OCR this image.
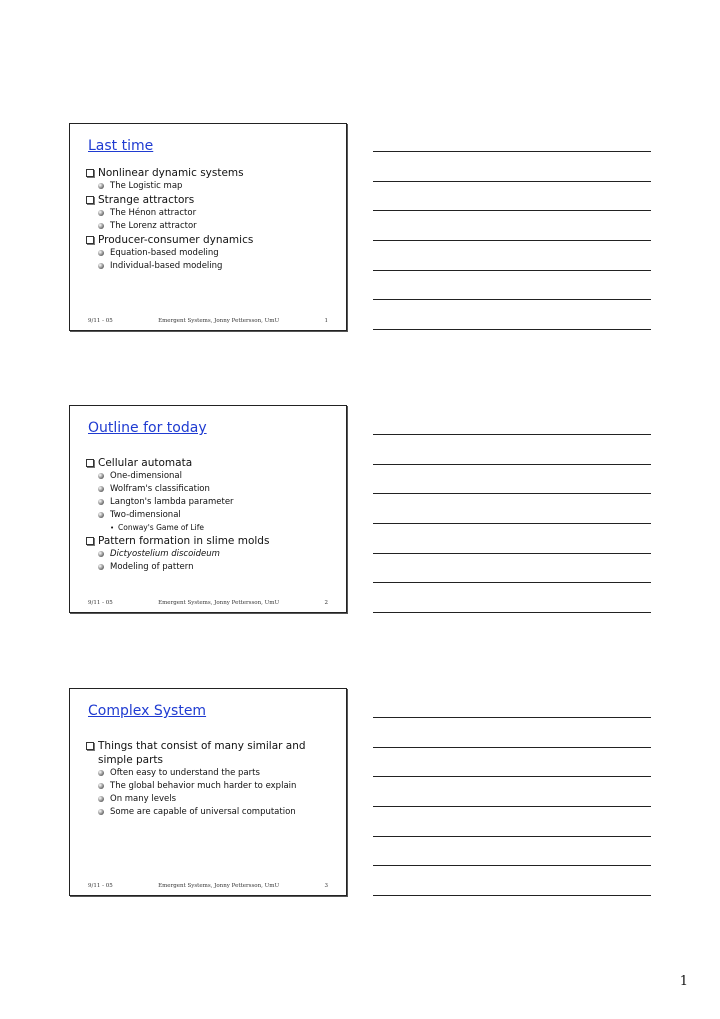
Last time
Nonlinear dynamic systems
The Logistic map
Strange attractors
The Hénon attractor
The Lorenz attractor
Producer-consumer dynamics
Equation-based modeling
Individual-based modeling
9/11 - 05	Emergent Systems, Jonny Pettersson, UmU	1
Outline for today
Cellular automata
One-dimensional
Wolfram's classification
Langton's lambda parameter
Two-dimensional
• Conway's Game of Life
Pattern formation in slime molds
Dictyostelium discoideum
Modeling of pattern
9/11 - 05	Emergent Systems, Jonny Pettersson, UmU	2
Complex System
Things that consist of many similar and simple parts
Often easy to understand the parts
The global behavior much harder to explain
On many levels
Some are capable of universal computation
9/11 - 05	Emergent Systems, Jonny Pettersson, UmU	3
1
